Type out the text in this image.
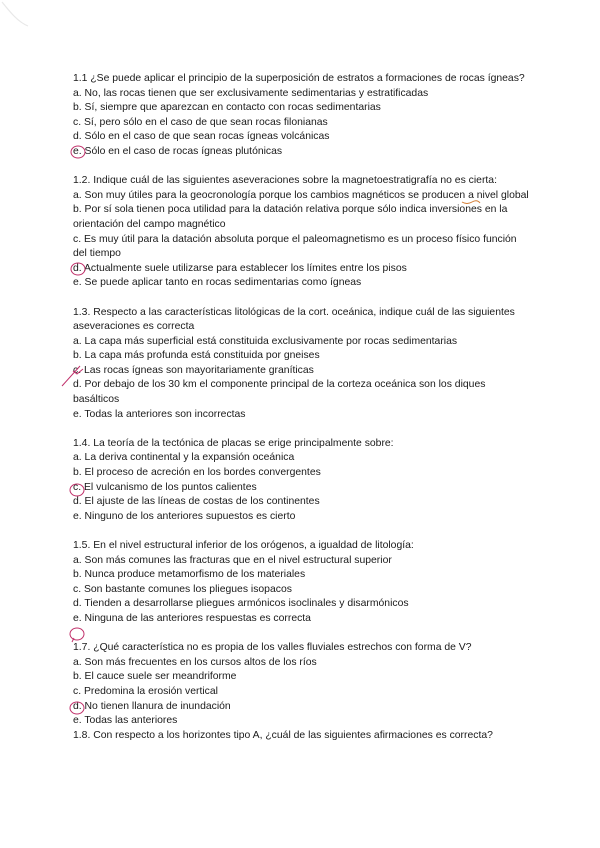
1.1 ¿Se puede aplicar el principio de la superposición de estratos a formaciones de rocas ígneas?
a. No, las rocas tienen que ser exclusivamente sedimentarias y estratificadas
b. Sí, siempre que aparezcan en contacto con rocas sedimentarias
c. Sí, pero sólo en el caso de que sean rocas filonianas
d. Sólo en el caso de que sean rocas ígneas volcánicas
e. Sólo en el caso de rocas ígneas plutónicas
1.2. Indique cuál de las siguientes aseveraciones sobre la magnetoestratigrafía no es cierta:
a. Son muy útiles para la geocronología porque los cambios magnéticos se producen a nivel global
b. Por sí sola tienen poca utilidad para la datación relativa porque sólo indica inversiones en la orientación del campo magnético
c. Es muy útil para la datación absoluta porque el paleomagnetismo es un proceso físico función del tiempo
d. Actualmente suele utilizarse para establecer los límites entre los pisos
e. Se puede aplicar tanto en rocas sedimentarias como ígneas
1.3. Respecto a las características litológicas de la cort. oceánica, indique cuál de las siguientes aseveraciones es correcta
a. La capa más superficial está constituida exclusivamente por rocas sedimentarias
b. La capa más profunda está constituida por gneises
c. Las rocas ígneas son mayoritariamente graníticas
d. Por debajo de los 30 km el componente principal de la corteza oceánica son los diques basálticos
e. Todas la anteriores son incorrectas
1.4. La teoría de la tectónica de placas se erige principalmente sobre:
a. La deriva continental y la expansión oceánica
b. El proceso de acreción en los bordes convergentes
c. El vulcanismo de los puntos calientes
d. El ajuste de las líneas de costas de los continentes
e. Ninguno de los anteriores supuestos es cierto
1.5. En el nivel estructural inferior de los orógenos, a igualdad de litología:
a. Son más comunes las fracturas que en el nivel estructural superior
b. Nunca produce metamorfismo de los materiales
c. Son bastante comunes los pliegues isopacos
d. Tienden a desarrollarse pliegues armónicos isoclinales y disarmónicos
e. Ninguna de las anteriores respuestas es correcta
1.7. ¿Qué característica no es propia de los valles fluviales estrechos con forma de V?
a. Son más frecuentes en los cursos altos de los ríos
b. El cauce suele ser meandriforme
c. Predomina la erosión vertical
d. No tienen llanura de inundación
e. Todas las anteriores
1.8. Con respecto a los horizontes tipo A, ¿cuál de las siguientes afirmaciones es correcta?
